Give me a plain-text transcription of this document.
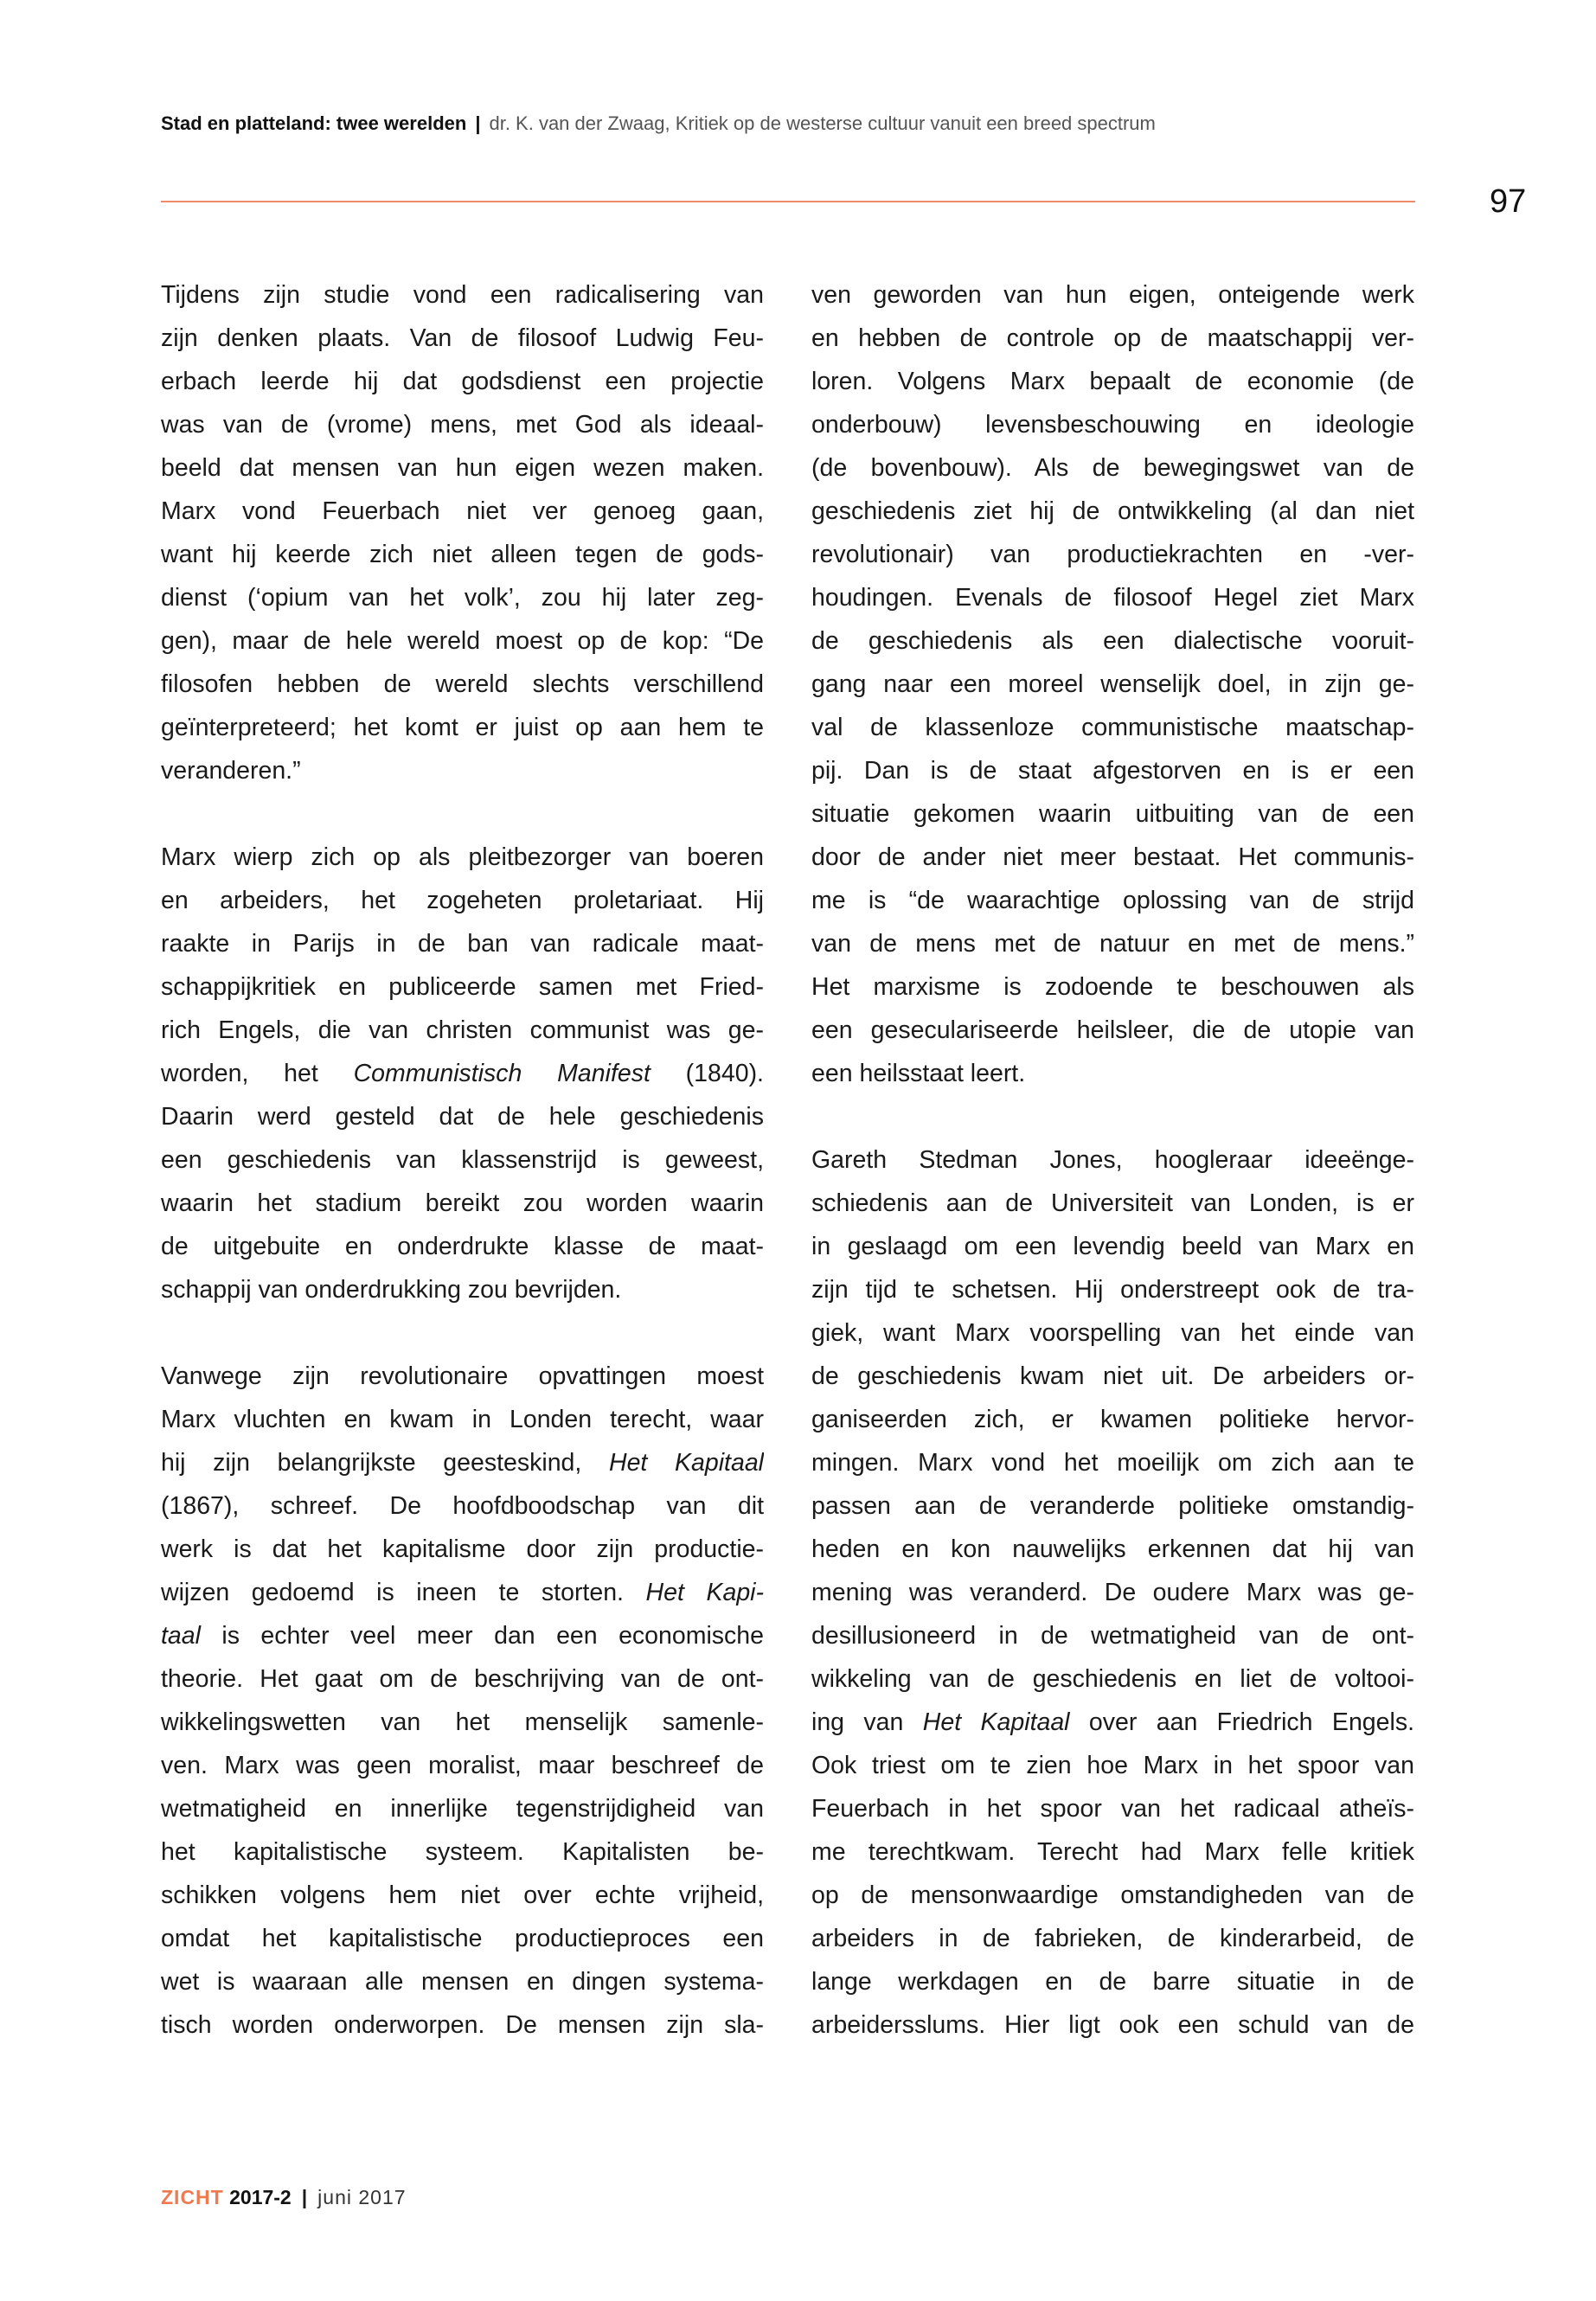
Stad en platteland: twee werelden | dr. K. van der Zwaag, Kritiek op de westerse cultuur vanuit een breed spectrum
97
Tijdens zijn studie vond een radicalisering van
zijn denken plaats. Van de filosoof Ludwig Feu-
erbach leerde hij dat godsdienst een projectie
was van de (vrome) mens, met God als ideaal-
beeld dat mensen van hun eigen wezen maken.
Marx vond Feuerbach niet ver genoeg gaan,
want hij keerde zich niet alleen tegen de gods-
dienst (‘opium van het volk’, zou hij later zeg-
gen), maar de hele wereld moest op de kop: “De
filosofen hebben de wereld slechts verschillend
geïnterpreteerd; het komt er juist op aan hem te
veranderen.”
Marx wierp zich op als pleitbezorger van boeren
en arbeiders, het zogeheten proletariaat. Hij
raakte in Parijs in de ban van radicale maat-
schappijkritiek en publiceerde samen met Fried-
rich Engels, die van christen communist was ge-
worden, het Communistisch Manifest (1840).
Daarin werd gesteld dat de hele geschiedenis
een geschiedenis van klassenstrijd is geweest,
waarin het stadium bereikt zou worden waarin
de uitgebuite en onderdrukte klasse de maat-
schappij van onderdrukking zou bevrijden.
Vanwege zijn revolutionaire opvattingen moest
Marx vluchten en kwam in Londen terecht, waar
hij zijn belangrijkste geesteskind, Het Kapitaal
(1867), schreef. De hoofdboodschap van dit
werk is dat het kapitalisme door zijn productie-
wijzen gedoemd is ineen te storten. Het Kapi-
taal is echter veel meer dan een economische
theorie. Het gaat om de beschrijving van de ont-
wikkelingswetten van het menselijk samenle-
ven. Marx was geen moralist, maar beschreef de
wetmatigheid en innerlijke tegenstrijdigheid van
het kapitalistische systeem. Kapitalisten be-
schikken volgens hem niet over echte vrijheid,
omdat het kapitalistische productieproces een
wet is waaraan alle mensen en dingen systema-
tisch worden onderworpen. De mensen zijn sla-
ven geworden van hun eigen, onteigende werk
en hebben de controle op de maatschappij ver-
loren. Volgens Marx bepaalt de economie (de
onderbouw) levensbeschouwing en ideologie
(de bovenbouw). Als de bewegingswet van de
geschiedenis ziet hij de ontwikkeling (al dan niet
revolutionair) van productiekrachten en -ver-
houdingen. Evenals de filosoof Hegel ziet Marx
de geschiedenis als een dialectische vooruit-
gang naar een moreel wenselijk doel, in zijn ge-
val de klassenloze communistische maatschap-
pij. Dan is de staat afgestorven en is er een
situatie gekomen waarin uitbuiting van de een
door de ander niet meer bestaat. Het communis-
me is “de waarachtige oplossing van de strijd
van de mens met de natuur en met de mens.”
Het marxisme is zodoende te beschouwen als
een geseculariseerde heilsleer, die de utopie van
een heilsstaat leert.
Gareth Stedman Jones, hoogleraar ideeënge-
schiedenis aan de Universiteit van Londen, is er
in geslaagd om een levendig beeld van Marx en
zijn tijd te schetsen. Hij onderstreept ook de tra-
giek, want Marx voorspelling van het einde van
de geschiedenis kwam niet uit. De arbeiders or-
ganiseerden zich, er kwamen politieke hervor-
mingen. Marx vond het moeilijk om zich aan te
passen aan de veranderde politieke omstandig-
heden en kon nauwelijks erkennen dat hij van
mening was veranderd. De oudere Marx was ge-
desillusioneerd in de wetmatigheid van de ont-
wikkeling van de geschiedenis en liet de voltooi-
ing van Het Kapitaal over aan Friedrich Engels.
Ook triest om te zien hoe Marx in het spoor van
Feuerbach in het spoor van het radicaal atheïs-
me terechtkwam. Terecht had Marx felle kritiek
op de mensonwaardige omstandigheden van de
arbeiders in de fabrieken, de kinderarbeid, de
lange werkdagen en de barre situatie in de
arbeidersslums. Hier ligt ook een schuld van de
ZICHT 2017-2 | juni 2017
